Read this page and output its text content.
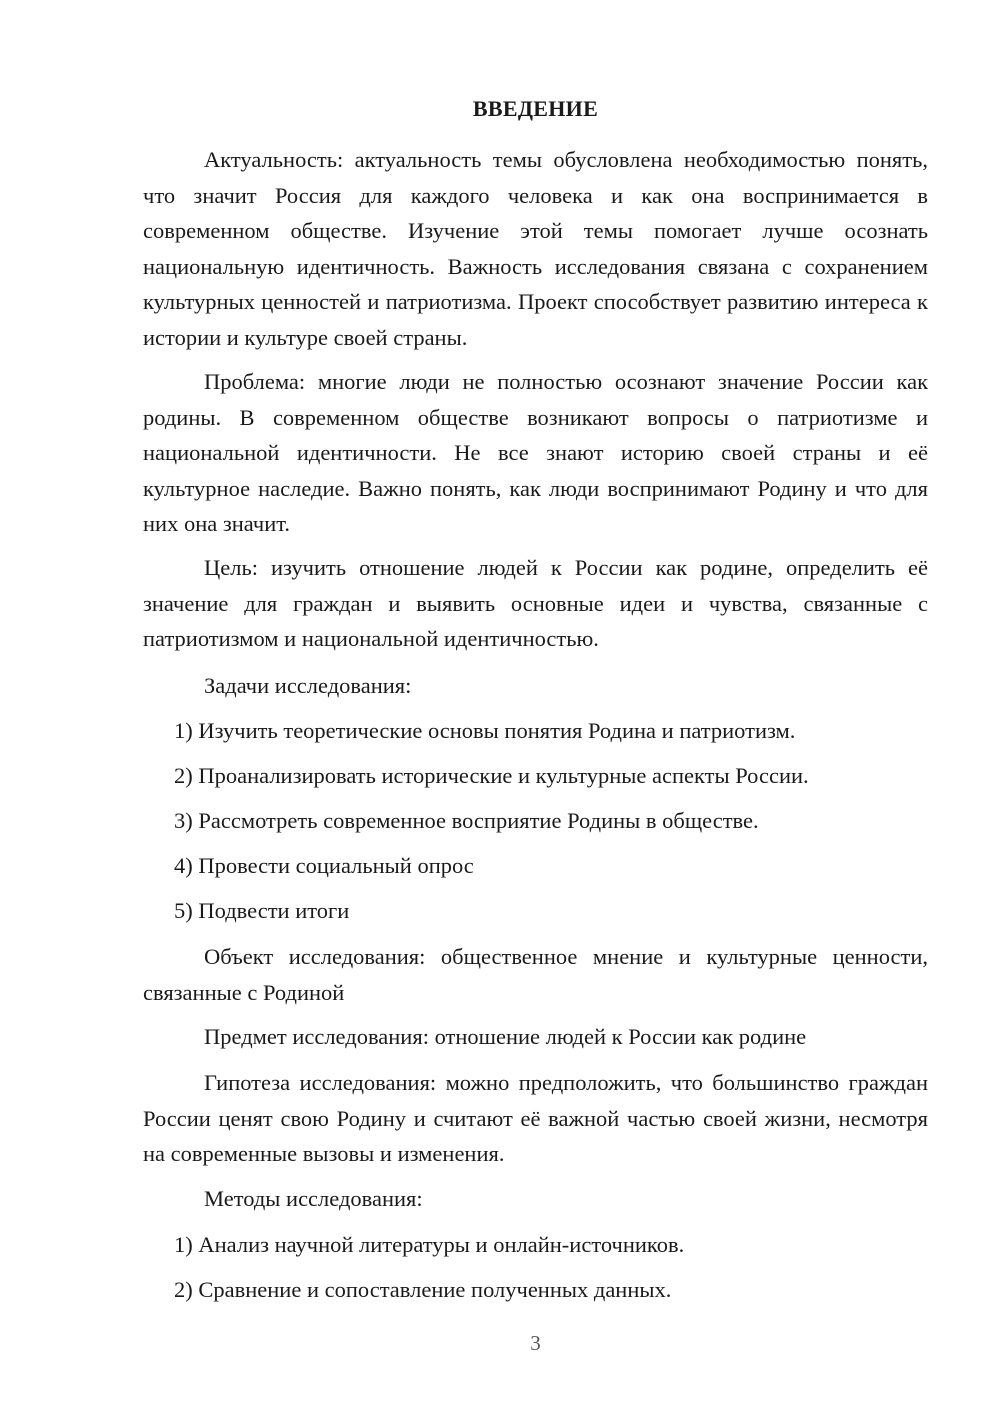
ВВЕДЕНИЕ

Актуальность: актуальность темы обусловлена необходимостью понять, что значит Россия для каждого человека и как она воспринимается в современном обществе. Изучение этой темы помогает лучше осознать национальную идентичность. Важность исследования связана с сохранением культурных ценностей и патриотизма. Проект способствует развитию интереса к истории и культуре своей страны.

Проблема: многие люди не полностью осознают значение России как родины. В современном обществе возникают вопросы о патриотизме и национальной идентичности. Не все знают историю своей страны и её культурное наследие. Важно понять, как люди воспринимают Родину и что для них она значит.

Цель: изучить отношение людей к России как родине, определить её значение для граждан и выявить основные идеи и чувства, связанные с патриотизмом и национальной идентичностью.

Задачи исследования:

1) Изучить теоретические основы понятия Родина и патриотизм.

2) Проанализировать исторические и культурные аспекты России.

3) Рассмотреть современное восприятие Родины в обществе.

4) Провести социальный опрос

5) Подвести итоги

Объект исследования: общественное мнение и культурные ценности, связанные с Родиной

Предмет исследования: отношение людей к России как родине

Гипотеза исследования: можно предположить, что большинство граждан России ценят свою Родину и считают её важной частью своей жизни, несмотря на современные вызовы и изменения.

Методы исследования:

1) Анализ научной литературы и онлайн-источников.

2) Сравнение и сопоставление полученных данных.

3
